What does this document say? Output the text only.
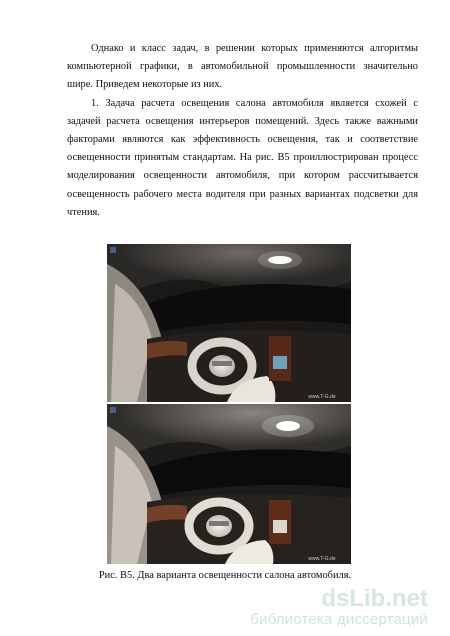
Однако и класс задач, в решении которых применяются алгоритмы компьютерной графики, в автомобильной промышленности значительно шире. Приведем некоторые из них.

1. Задача расчета освещения салона автомобиля является схожей с задачей расчета освещения интерьеров помещений. Здесь также важными факторами являются как эффективность освещения, так и соответствие освещенности принятым стандартам. На рис. В5 проиллюстрирован процесс моделирования освещенности автомобиля, при котором рассчитывается освещенность рабочего места водителя при разных вариантах подсветки для чтения.

www.T-G.de
www.T-G.de
Рис. В5. Два варианта освещенности салона автомобиля.
dsLib.net
библиотека диссертаций
